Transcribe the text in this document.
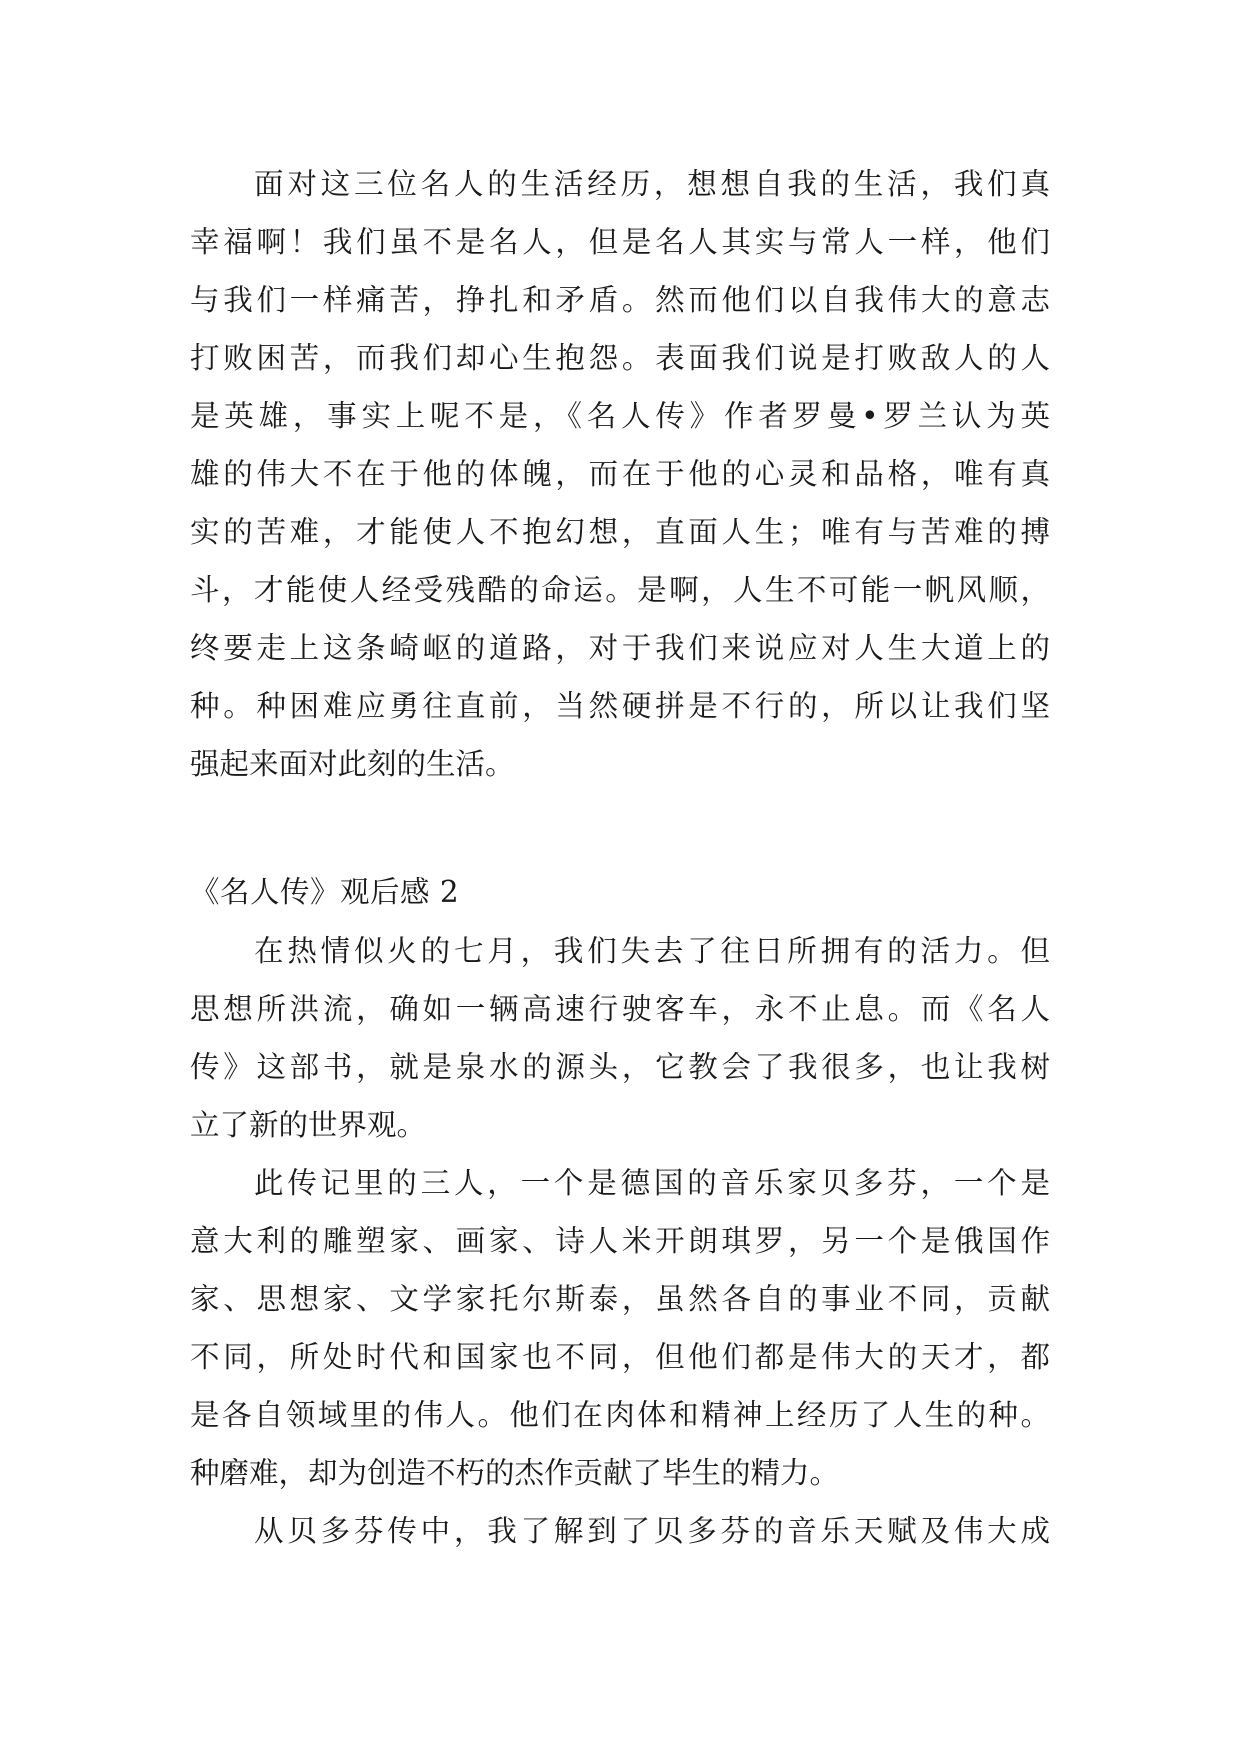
面对这三位名人的生活经历，想想自我的生活，我们真
幸福啊！我们虽不是名人，但是名人其实与常人一样，他们
与我们一样痛苦，挣扎和矛盾。然而他们以自我伟大的意志
打败困苦，而我们却心生抱怨。表面我们说是打败敌人的人
是英雄，事实上呢不是，《名人传》作者罗曼•罗兰认为英
雄的伟大不在于他的体魄，而在于他的心灵和品格，唯有真
实的苦难，才能使人不抱幻想，直面人生；唯有与苦难的搏
斗，才能使人经受残酷的命运。是啊，人生不可能一帆风顺，
终要走上这条崎岖的道路，对于我们来说应对人生大道上的
种。种困难应勇往直前，当然硬拼是不行的，所以让我们坚
强起来面对此刻的生活。
《名人传》观后感 2
在热情似火的七月，我们失去了往日所拥有的活力。但
思想所洪流，确如一辆高速行驶客车，永不止息。而《名人
传》这部书，就是泉水的源头，它教会了我很多，也让我树
立了新的世界观。
此传记里的三人，一个是德国的音乐家贝多芬，一个是
意大利的雕塑家、画家、诗人米开朗琪罗，另一个是俄国作
家、思想家、文学家托尔斯泰，虽然各自的事业不同，贡献
不同，所处时代和国家也不同，但他们都是伟大的天才，都
是各自领域里的伟人。他们在肉体和精神上经历了人生的种。
种磨难，却为创造不朽的杰作贡献了毕生的精力。
从贝多芬传中，我了解到了贝多芬的音乐天赋及伟大成
